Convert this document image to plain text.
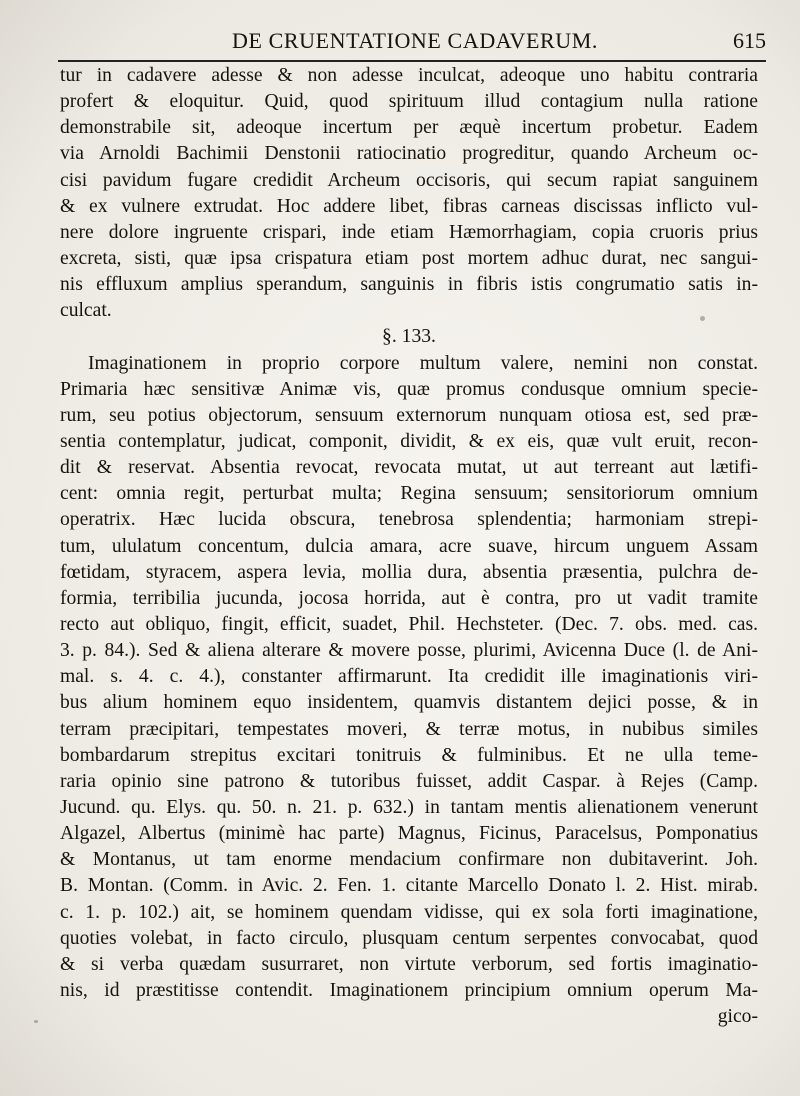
DE CRUENTATIONE CADAVERUM.	615
tur in cadavere adesse & non adesse inculcat, adeoque uno habitu contraria
profert & eloquitur. Quid, quod spirituum illud contagium nulla ratione
demonstrabile sit, adeoque incertum per æquè incertum probetur. Eadem
via Arnoldi Bachimii Denstonii ratiocinatio progreditur, quando Archeum oc-
cisi pavidum fugare credidit Archeum occisoris, qui secum rapiat sanguinem
& ex vulnere extrudat. Hoc addere libet, fibras carneas discissas inflicto vul-
nere dolore ingruente crispari, inde etiam Hæmorrhagiam, copia cruoris prius
excreta, sisti, quæ ipsa crispatura etiam post mortem adhuc durat, nec sangui-
nis effluxum amplius sperandum, sanguinis in fibris istis congrumatio satis in-
culcat.
§. 133.
Imaginationem in proprio corpore multum valere, nemini non constat.
Primaria hæc sensitivæ Animæ vis, quæ promus condusque omnium specie-
rum, seu potius objectorum, sensuum externorum nunquam otiosa est, sed præ-
sentia contemplatur, judicat, componit, dividit, & ex eis, quæ vult eruit, recon-
dit & reservat. Absentia revocat, revocata mutat, ut aut terreant aut lætifi-
cent: omnia regit, perturbat multa; Regina sensuum; sensitoriorum omnium
operatrix. Hæc lucida obscura, tenebrosa splendentia; harmoniam strepi-
tum, ululatum concentum, dulcia amara, acre suave, hircum unguem Assam
fœtidam, styracem, aspera levia, mollia dura, absentia præsentia, pulchra de-
formia, terribilia jucunda, jocosa horrida, aut è contra, pro ut vadit tramite
recto aut obliquo, fingit, efficit, suadet, Phil. Hechsteter. (Dec. 7. obs. med. cas.
3. p. 84.). Sed & aliena alterare & movere posse, plurimi, Avicenna Duce (l. de Ani-
mal. s. 4. c. 4.), constanter affirmarunt. Ita credidit ille imaginationis viri-
bus alium hominem equo insidentem, quamvis distantem dejici posse, & in
terram præcipitari, tempestates moveri, & terræ motus, in nubibus similes
bombardarum strepitus excitari tonitruis & fulminibus. Et ne ulla teme-
raria opinio sine patrono & tutoribus fuisset, addit Caspar. à Rejes (Camp.
Jucund. qu. Elys. qu. 50. n. 21. p. 632.) in tantam mentis alienationem venerunt
Algazel, Albertus (minimè hac parte) Magnus, Ficinus, Paracelsus, Pomponatius
& Montanus, ut tam enorme mendacium confirmare non dubitaverint. Joh.
B. Montan. (Comm. in Avic. 2. Fen. 1. citante Marcello Donato l. 2. Hist. mirab.
c. 1. p. 102.) ait, se hominem quendam vidisse, qui ex sola forti imaginatione,
quoties volebat, in facto circulo, plusquam centum serpentes convocabat, quod
& si verba quædam susurraret, non virtute verborum, sed fortis imaginatio-
nis, id præstitisse contendit. Imaginationem principium omnium operum Ma-
gico-
